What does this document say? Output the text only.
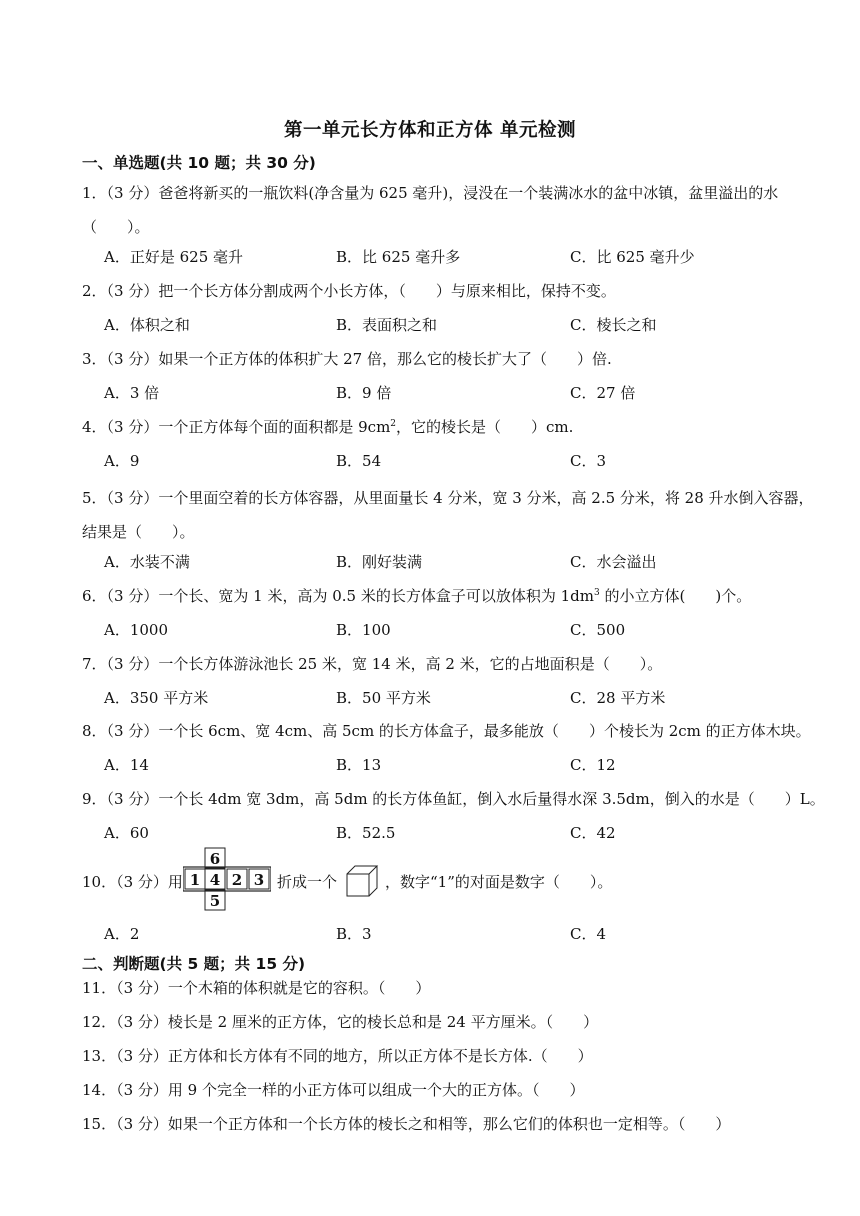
第一单元长方体和正方体 单元检测
一、单选题(共 10 题；共 30 分)
1．（3 分）爸爸将新买的一瓶饮料(净含量为 625 毫升)，浸没在一个装满冰水的盆中冰镇，盆里溢出的水（　　）。
A．正好是 625 毫升	B．比 625 毫升多	C．比 625 毫升少
2．（3 分）把一个长方体分割成两个小长方体，（　　）与原来相比，保持不变。
A．体积之和	B．表面积之和	C．棱长之和
3．（3 分）如果一个正方体的体积扩大 27 倍，那么它的棱长扩大了（　　）倍.
A．3 倍	B．9 倍	C．27 倍
4．（3 分）一个正方体每个面的面积都是 $9cm^2$，它的棱长是（　　）cm.
A．9	B．54	C．3
5．（3 分）一个里面空着的长方体容器，从里面量长 4 分米，宽 3 分米，高 2.5 分米，将 28 升水倒入容器，结果是（　　）。
A．水装不满	B．刚好装满	C．水会溢出
6．（3 分）一个长、宽为 1 米，高为 0.5 米的长方体盒子可以放体积为 $1dm^3$ 的小立方体(　　)个。
A．1000	B．100	C．500
7．（3 分）一个长方体游泳池长 25 米，宽 14 米，高 2 米，它的占地面积是（　　）。
A．350 平方米	B．50 平方米	C．28 平方米
8．（3 分）一个长 6cm、宽 4cm、高 5cm 的长方体盒子，最多能放（　　）个棱长为 2cm 的正方体木块。
A．14	B．13	C．12
9．（3 分）一个长 4dm 宽 3dm，高 5dm 的长方体鱼缸，倒入水后量得水深 3.5dm，倒入的水是（　　）L。
A．60	B．52.5	C．42
10．（3 分）用
6
1 4 2 3
5
折成一个	，数字“1”的对面是数字（　　）。
A．2	B．3	C．4
二、判断题(共 5 题；共 15 分)
11．（3 分）一个木箱的体积就是它的容积。（　　）
12．（3 分）棱长是 2 厘米的正方体，它的棱长总和是 24 平方厘米。（　　）
13．（3 分）正方体和长方体有不同的地方，所以正方体不是长方体.（　　）
14．（3 分）用 9 个完全一样的小正方体可以组成一个大的正方体。（　　）
15．（3 分）如果一个正方体和一个长方体的棱长之和相等，那么它们的体积也一定相等。（　　）
